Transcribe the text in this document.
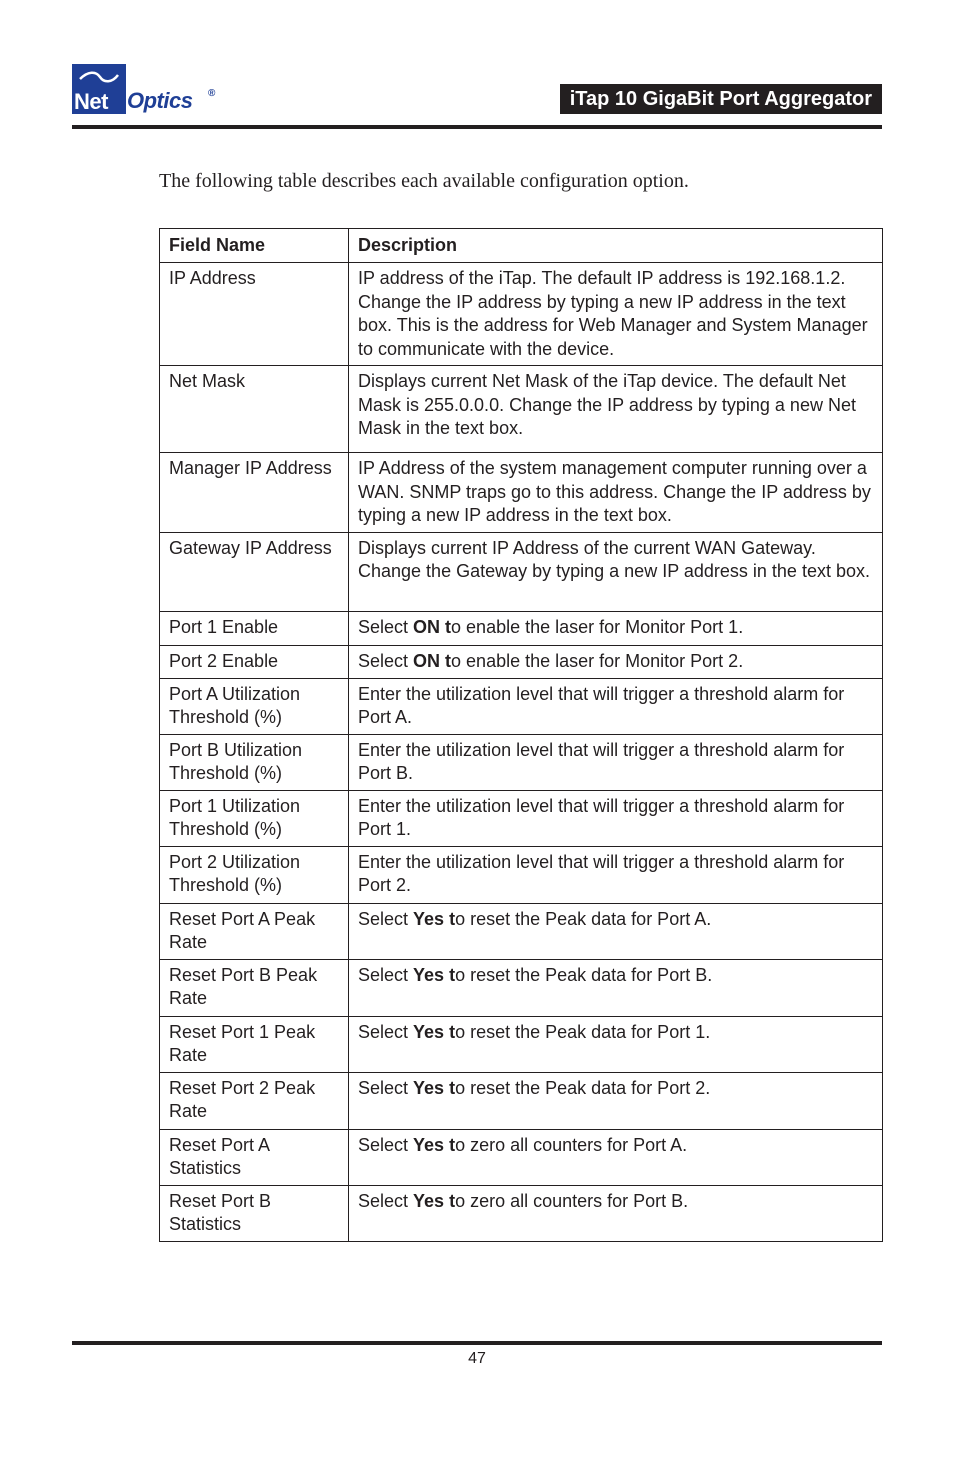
Net Optics ®	iTap 10 GigaBit Port Aggregator

The following table describes each available configuration option.

Field Name	Description
IP Address	IP address of the iTap. The default IP address is 192.168.1.2. Change the IP address by typing a new IP address in the text box. This is the address for Web Manager and System Manager to communicate with the device.
Net Mask	Displays current Net Mask of the iTap device. The default Net Mask is 255.0.0.0. Change the IP address by typing a new Net Mask in the text box.
Manager IP Address	IP Address of the system management computer running over a WAN. SNMP traps go to this address. Change the IP address by typing a new IP address in the text box.
Gateway IP Address	Displays current IP Address of the current WAN Gateway. Change the Gateway by typing a new IP address in the text box.
Port 1 Enable	Select ON to enable the laser for Monitor Port 1.
Port 2 Enable	Select ON to enable the laser for Monitor Port 2.
Port A Utilization Threshold (%)	Enter the utilization level that will trigger a threshold alarm for Port A.
Port B Utilization Threshold (%)	Enter the utilization level that will trigger a threshold alarm for Port B.
Port 1 Utilization Threshold (%)	Enter the utilization level that will trigger a threshold alarm for Port 1.
Port 2 Utilization Threshold (%)	Enter the utilization level that will trigger a threshold alarm for Port 2.
Reset Port A Peak Rate	Select Yes to reset the Peak data for Port A.
Reset Port B Peak Rate	Select Yes to reset the Peak data for Port B.
Reset Port 1 Peak Rate	Select Yes to reset the Peak data for Port 1.
Reset Port 2 Peak Rate	Select Yes to reset the Peak data for Port 2.
Reset Port A Statistics	Select Yes to zero all counters for Port A.
Reset Port B Statistics	Select Yes to zero all counters for Port B.
47
